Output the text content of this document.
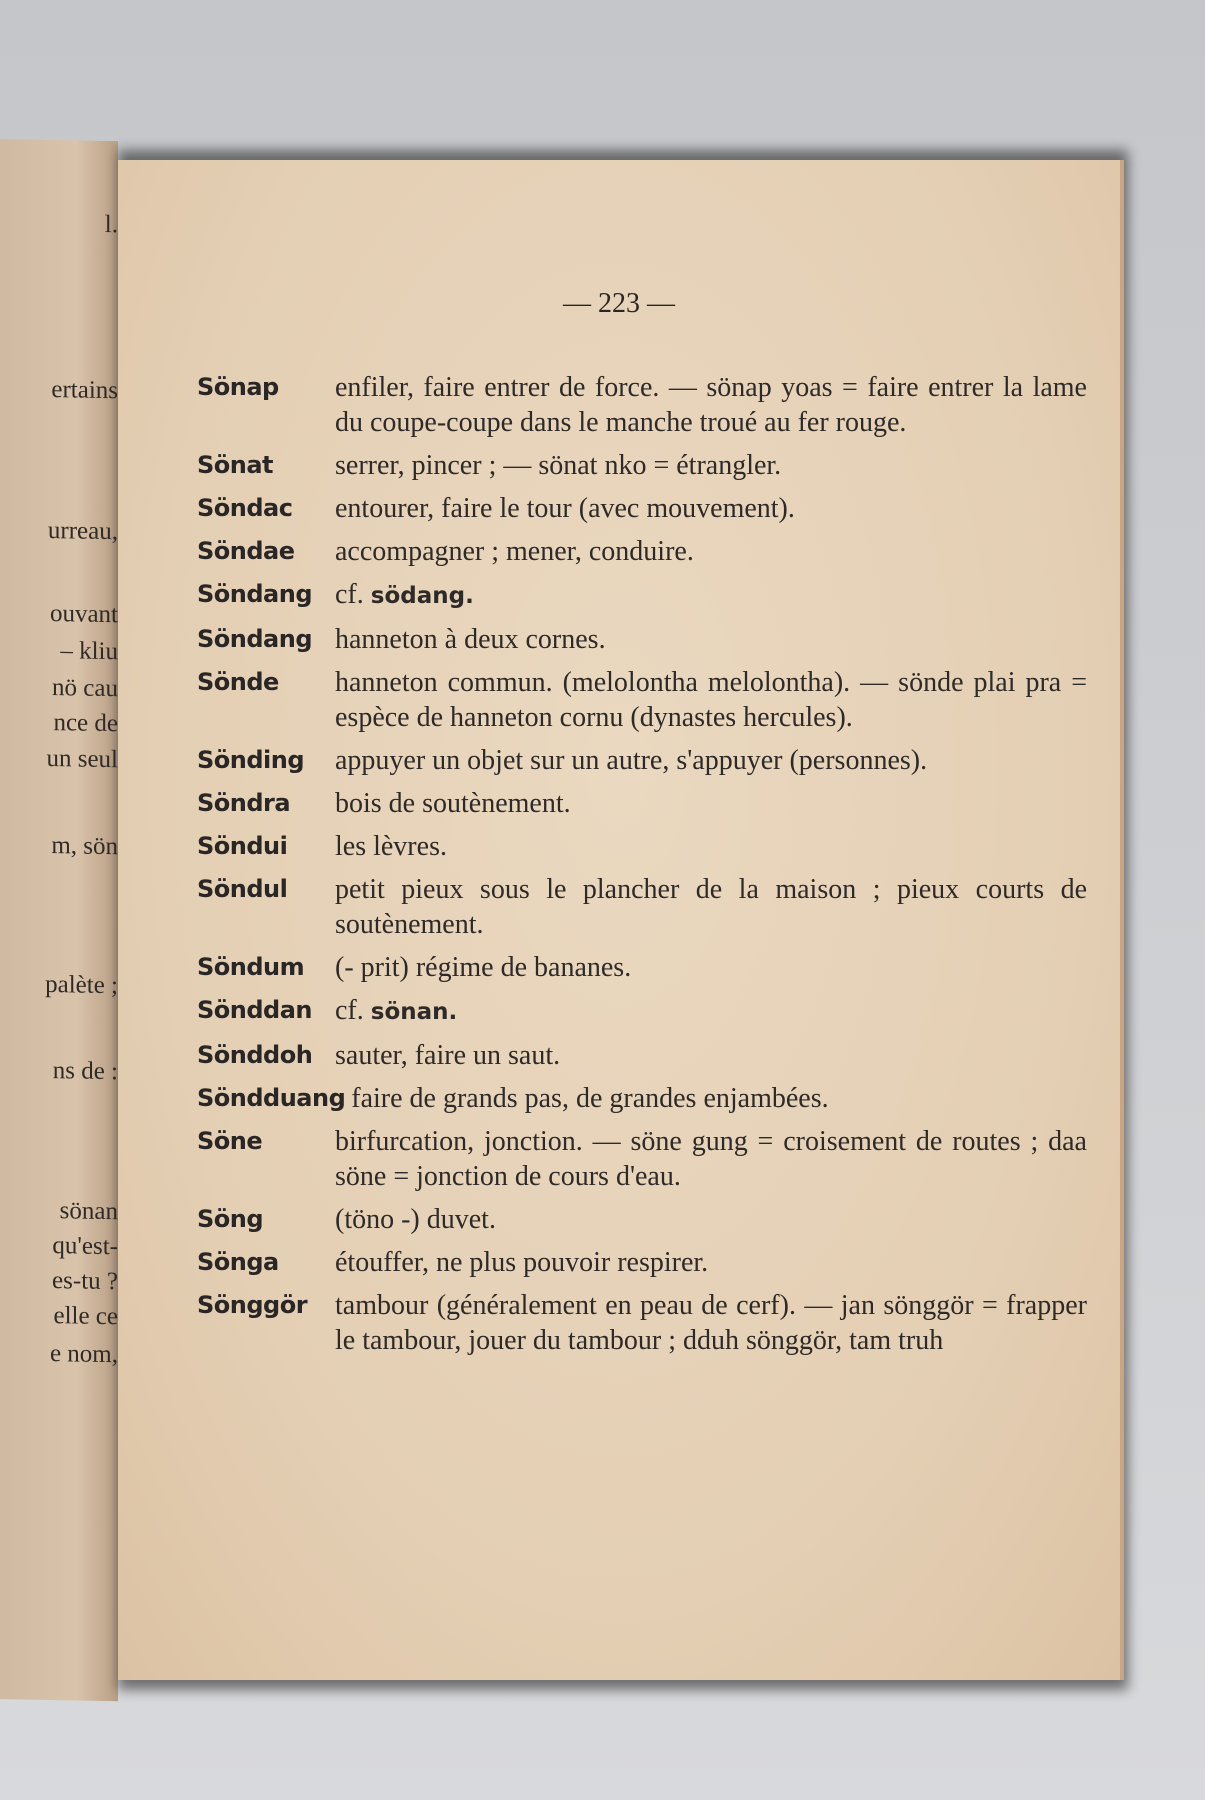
l.
ertains
urreau,
ouvant
– kliu
nö cau
nce de
un seul
m, sön
palète ;
ns de :
sönan
qu'est-
es-tu ?
elle ce
e nom,
— 223 —
Sönap	enfiler, faire entrer de force. — sönap yoas = faire entrer la lame du coupe-coupe dans le manche troué au fer rouge.
Sönat	serrer, pincer ; — sönat nko = étrangler.
Söndac	entourer, faire le tour (avec mouvement).
Söndae	accompagner ; mener, conduire.
Söndang cf. södang.
Söndang hanneton à deux cornes.
Sönde	hanneton commun. (melolontha melolontha). — sönde plai pra = espèce de hanneton cornu (dynastes hercules).
Sönding	appuyer un objet sur un autre, s'appuyer (personnes).
Söndra	bois de soutènement.
Söndui	les lèvres.
Söndul	petit pieux sous le plancher de la maison ; pieux courts de soutènement.
Söndum	(- prit) régime de bananes.
Sönddan cf. sönan.
Sönddoh sauter, faire un saut.
Söndduang faire de grands pas, de grandes enjambées.
Söne	birfurcation, jonction. — söne gung = croisement de routes ; daa söne = jonction de cours d'eau.
Söng	(töno -) duvet.
Sönga	étouffer, ne plus pouvoir respirer.
Sönggör tambour (généralement en peau de cerf). — jan sönggör = frapper le tambour, jouer du tambour ; dduh sönggör, tam truh
